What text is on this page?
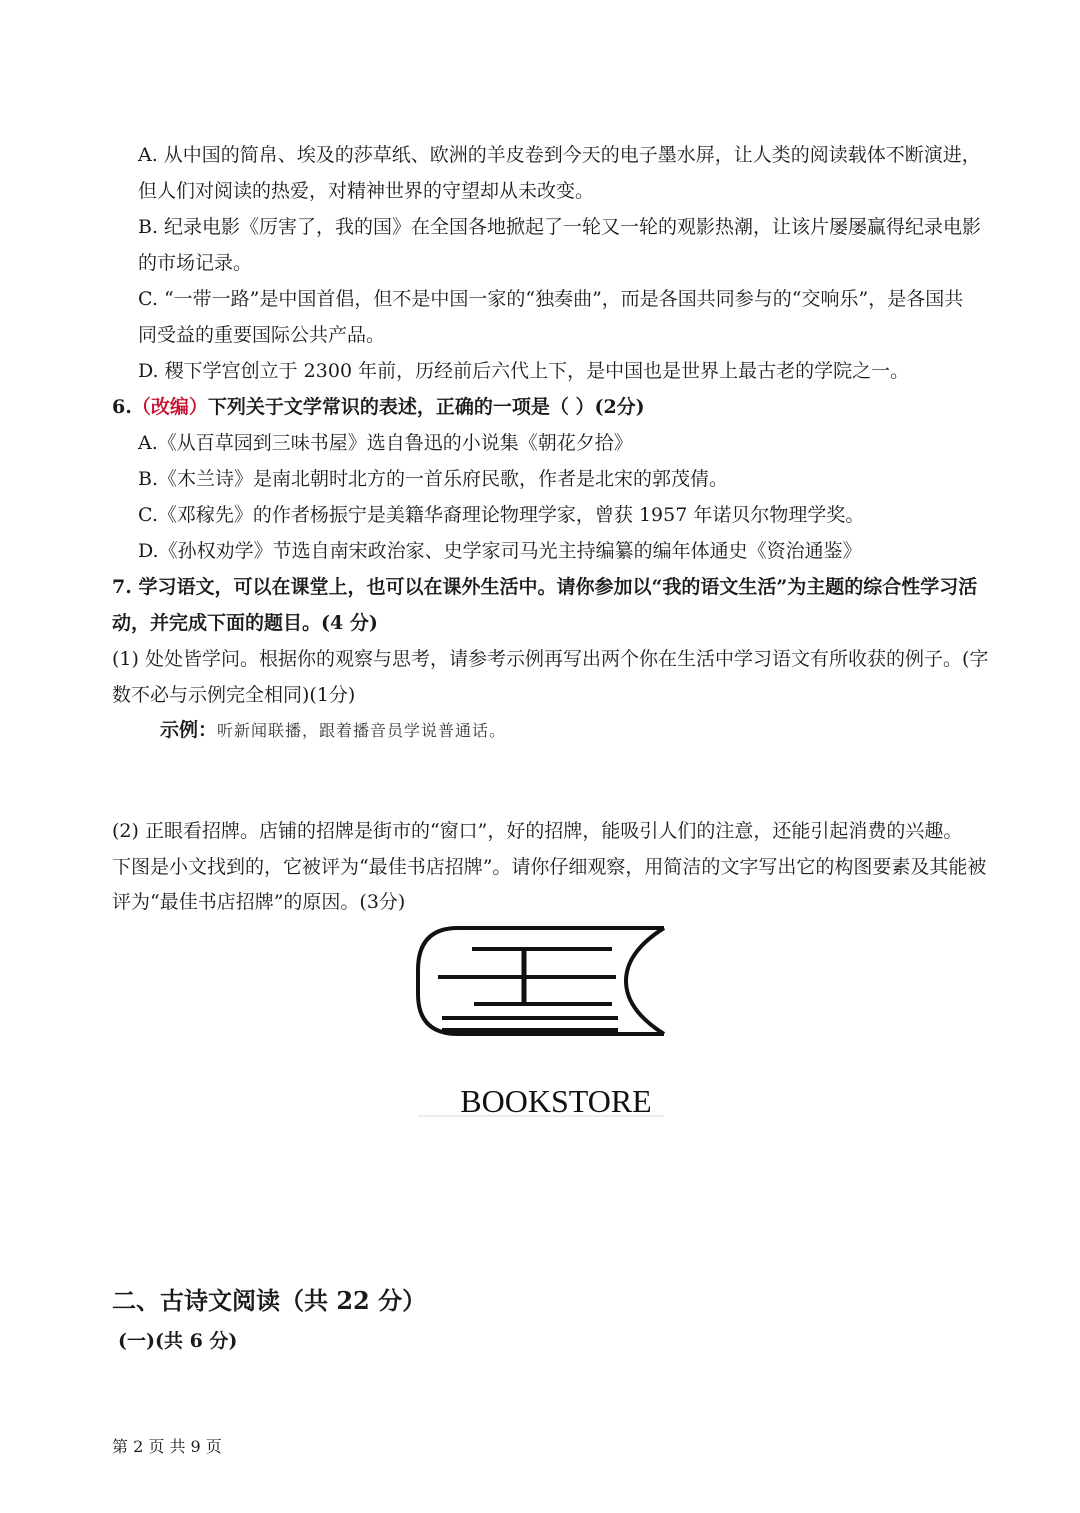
A. 从中国的简帛、埃及的莎草纸、欧洲的羊皮卷到今天的电子墨水屏，让人类的阅读载体不断演进，
但人们对阅读的热爱，对精神世界的守望却从未改变。
B. 纪录电影《厉害了，我的国》在全国各地掀起了一轮又一轮的观影热潮，让该片屡屡赢得纪录电影
的市场记录。
C. “一带一路”是中国首倡，但不是中国一家的“独奏曲”，而是各国共同参与的“交响乐”，是各国共
同受益的重要国际公共产品。
D. 稷下学宫创立于 2300 年前，历经前后六代上下，是中国也是世界上最古老的学院之一。
6.（改编）下列关于文学常识的表述，正确的一项是（ ）(2分)
A.《从百草园到三味书屋》选自鲁迅的小说集《朝花夕拾》
B.《木兰诗》是南北朝时北方的一首乐府民歌，作者是北宋的郭茂倩。
C.《邓稼先》的作者杨振宁是美籍华裔理论物理学家，曾获 1957 年诺贝尔物理学奖。
D.《孙权劝学》节选自南宋政治家、史学家司马光主持编纂的编年体通史《资治通鉴》
7. 学习语文，可以在课堂上，也可以在课外生活中。请你参加以“我的语文生活”为主题的综合性学习活
动，并完成下面的题目。(4 分)
(1) 处处皆学问。根据你的观察与思考，请参考示例再写出两个你在生活中学习语文有所收获的例子。(字
数不必与示例完全相同)(1分)
示例：听新闻联播，跟着播音员学说普通话。
(2) 正眼看招牌。店铺的招牌是街市的“窗口”，好的招牌，能吸引人们的注意，还能引起消费的兴趣。
下图是小文找到的，它被评为“最佳书店招牌”。请你仔细观察，用简洁的文字写出它的构图要素及其能被
评为“最佳书店招牌”的原因。(3分)
BOOKSTORE
二、古诗文阅读（共 22 分）
(一)(共 6 分)
第 2 页 共 9 页
